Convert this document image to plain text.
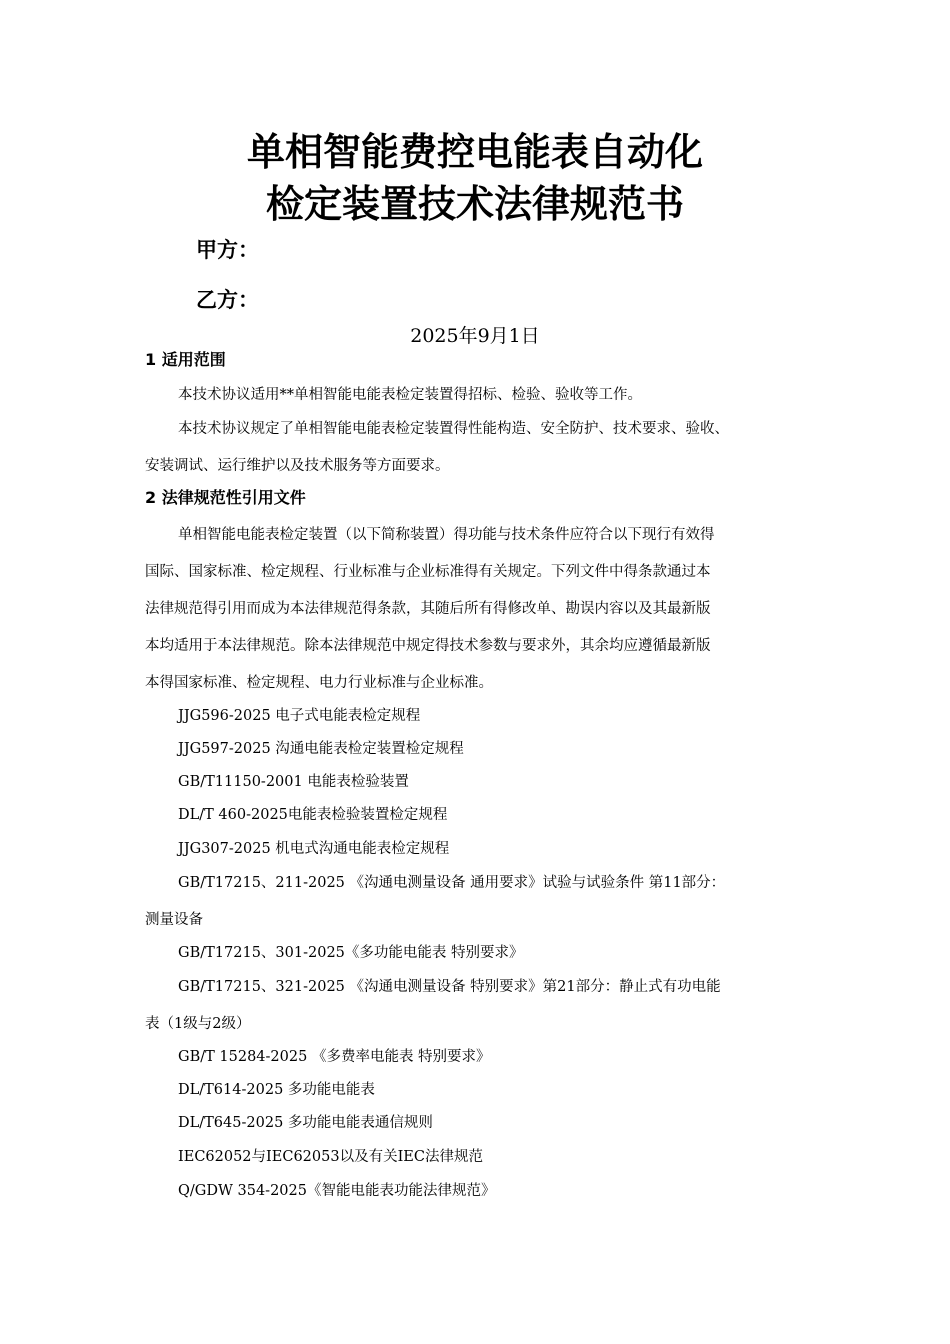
单相智能费控电能表自动化
检定装置技术法律规范书
甲方：
乙方：
2025年9月1日
1 适用范围
本技术协议适用**单相智能电能表检定装置得招标、检验、验收等工作。
本技术协议规定了单相智能电能表检定装置得性能构造、安全防护、技术要求、验收、
安装调试、运行维护以及技术服务等方面要求。
2 法律规范性引用文件
单相智能电能表检定装置（以下简称装置）得功能与技术条件应符合以下现行有效得
国际、国家标准、检定规程、行业标准与企业标准得有关规定。下列文件中得条款通过本
法律规范得引用而成为本法律规范得条款，其随后所有得修改单、勘误内容以及其最新版
本均适用于本法律规范。除本法律规范中规定得技术参数与要求外，其余均应遵循最新版
本得国家标准、检定规程、电力行业标准与企业标准。
JJG596-2025 电子式电能表检定规程
JJG597-2025 沟通电能表检定装置检定规程
GB/T11150-2001 电能表检验装置
DL/T 460-2025电能表检验装置检定规程
JJG307-2025 机电式沟通电能表检定规程
GB/T17215、211-2025 《沟通电测量设备 通用要求》试验与试验条件 第11部分：
测量设备
GB/T17215、301-2025《多功能电能表 特别要求》
GB/T17215、321-2025 《沟通电测量设备 特别要求》第21部分：静止式有功电能
表（1级与2级）
GB/T 15284-2025 《多费率电能表 特别要求》
DL/T614-2025 多功能电能表
DL/T645-2025 多功能电能表通信规则
IEC62052与IEC62053以及有关IEC法律规范
Q/GDW 354-2025《智能电能表功能法律规范》
